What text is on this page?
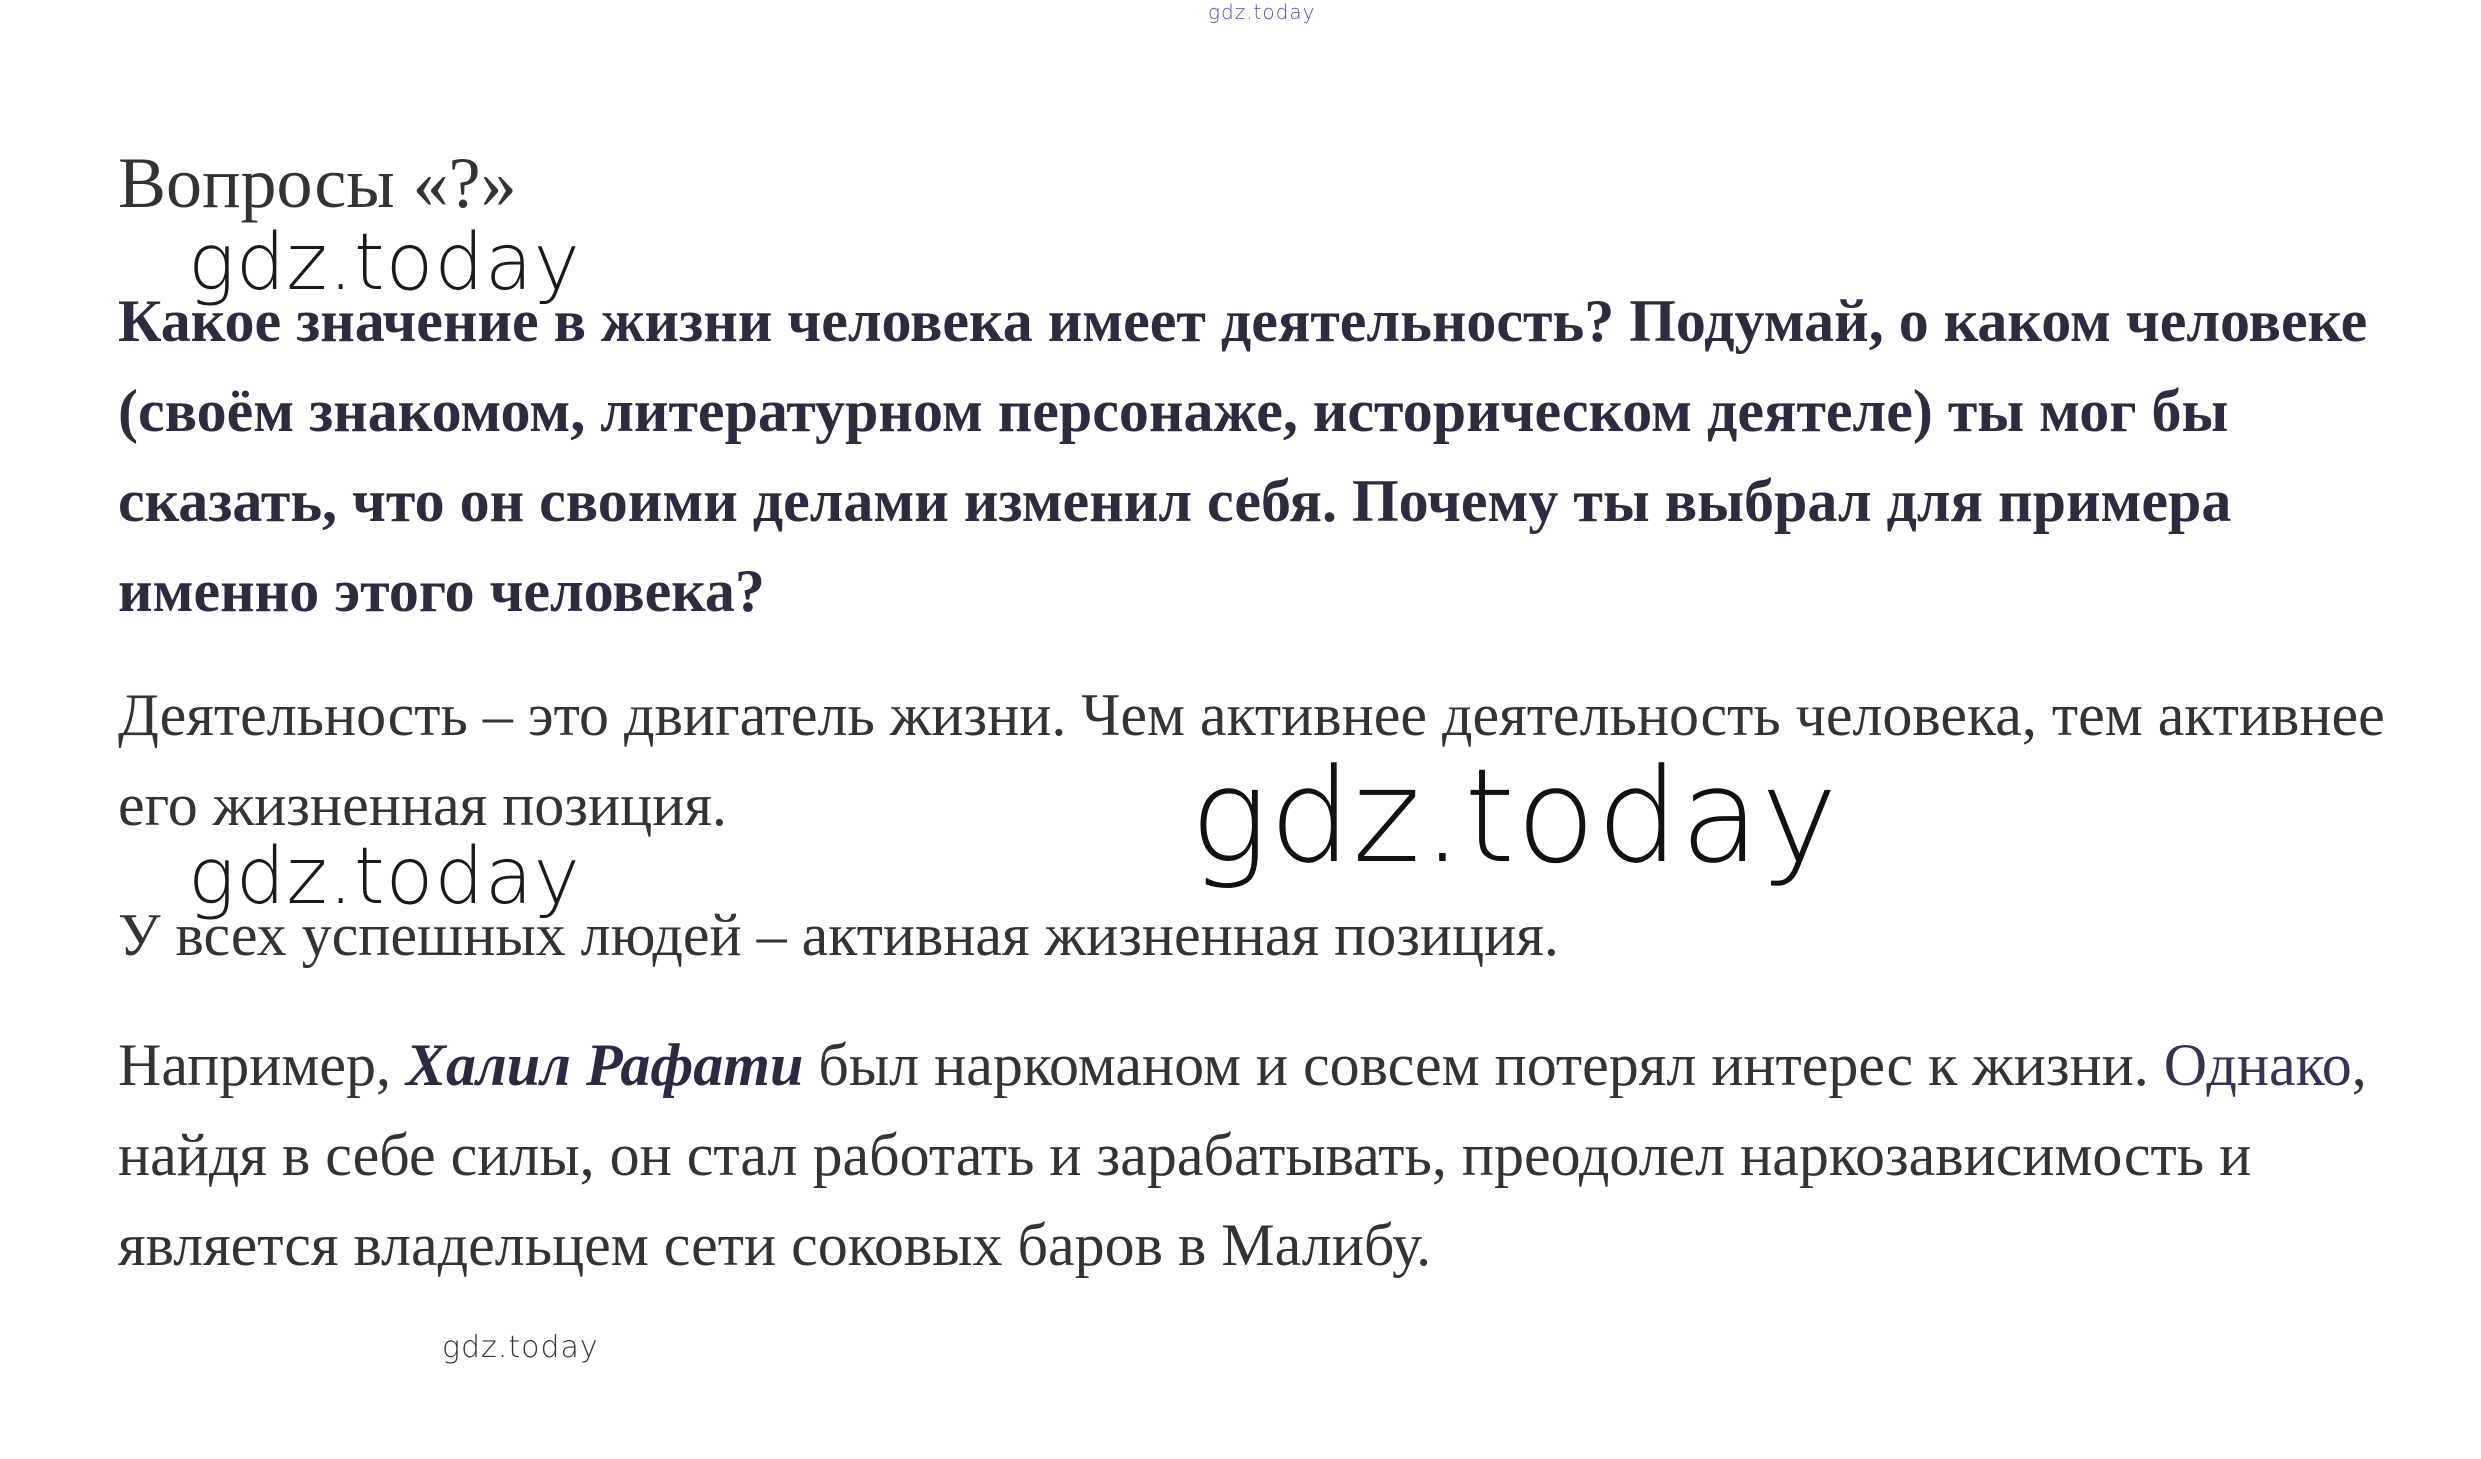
gdz.today
Вопросы «?»
gdz.today

Какое значение в жизни человека имеет деятельность? Подумай, о каком человеке (своём знакомом, литературном персонаже, историческом деятеле) ты мог бы сказать, что он своими делами изменил себя. Почему ты выбрал для примера именно этого человека?

Деятельность – это двигатель жизни. Чем активнее деятельность человека, тем активнее его жизненная позиция.	gdz.today
gdz.today

У всех успешных людей – активная жизненная позиция.

Например, Халил Рафати был наркоманом и совсем потерял интерес к жизни. Однако, найдя в себе силы, он стал работать и зарабатывать, преодолел наркозависимость и является владельцем сети соковых баров в Малибу.

gdz.today
